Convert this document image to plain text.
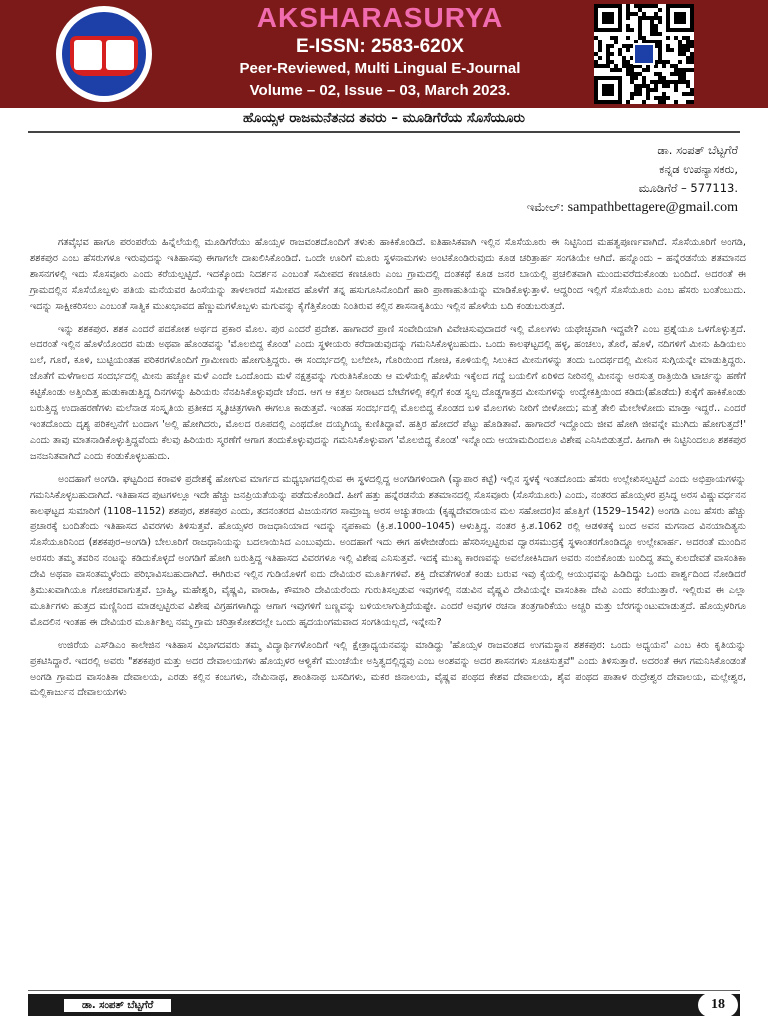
AKSHARASURYA
E-ISSN: 2583-620X
Peer-Reviewed, Multi Lingual E-Journal
Volume – 02, Issue – 03, March 2023.
ಹೊಯ್ಸಳ ರಾಜಮನೆತನದ ತವರು – ಮೂಡಿಗೆರೆಯ ಸೊಸೆಯೂರು
ಡಾ. ಸಂಪತ್ ಬೆಟ್ಟಗೆರೆ
ಕನ್ನಡ ಉಪನ್ಯಾಸಕರು,
ಮೂಡಿಗೆರೆ – 577113.
ಇಮೇಲ್: sampathbettagere@gmail.com

ಗತವೈಭವ ಹಾಗೂ ಪರಂಪರೆಯ ಹಿನ್ನೆಲೆಯಲ್ಲಿ ಮೂಡಿಗೆರೆಯು ಹೊಯ್ಸಳ ರಾಜವಂಶದೊಂದಿಗೆ ತಳುಕು ಹಾಕಿಕೊಂಡಿದೆ. ಐತಿಹಾಸಿಕವಾಗಿ ಇಲ್ಲಿನ ಸೊಸೆಯೂರು ಈ ನಿಟ್ಟಿನಿಂದ ಮಹತ್ವಪೂರ್ಣವಾಗಿದೆ. ಸೊಸೆಯೂರಿಗೆ ಅಂಗಡಿ, ಶಶಕಪುರ ಎಂಬ ಹೆಸರುಗಳೂ ಇರುವುದನ್ನು ಇತಿಹಾಸವು ಈಗಾಗಲೇ ದಾಖಲಿಸಿಕೊಂಡಿದೆ. ಒಂದೇ ಊರಿಗೆ ಮೂರು ಸ್ಥಳನಾಮಗಳು ಅಂಟಿಕೊಂಡಿರುವುದು ಕೂಡ ಚರಿತ್ರಾರ್ಹ ಸಂಗತಿಯೇ ಆಗಿದೆ. ಹನ್ನೊಂದು – ಹನ್ನೆರಡನೆಯ ಶತಮಾನದ ಶಾಸನಗಳಲ್ಲಿ ಇದು ಸೊಸವೂರು ಎಂದು ಕರೆಯಲ್ಪಟ್ಟಿದೆ. ಇದಕ್ಕೊಂದು ನಿದರ್ಶನ ಎಂಬಂತೆ ಸಮೀಪದ ಕಣಚೂರು ಎಂಬ ಗ್ರಾಮದಲ್ಲಿ ದಂತಕಥೆ ಕೂಡ ಜನರ ಬಾಯಲ್ಲಿ ಪ್ರಚಲಿತವಾಗಿ ಮುಂದುವರೆದುಕೊಂಡು ಬಂದಿದೆ. ಅದರಂತೆ ಈ ಗ್ರಾಮದಲ್ಲಿನ ಸೊಸೆಯೊಬ್ಬಳು ಪತಿಯ ಮನೆಯವರ ಹಿಂಸೆಯನ್ನು ತಾಳಲಾರದೆ ಸಮೀಪದ ಹೊಳೆಗೆ ತನ್ನ ಹಸುಗೂಸಿನೊಂದಿಗೆ ಹಾರಿ ಪ್ರಾಣಾಹುತಿಯನ್ನು ಮಾಡಿಕೊಳ್ಳುತ್ತಾಳೆ. ಆದ್ದರಿಂದ ಇಲ್ಲಿಗೆ ಸೊಸೆಯೂರು ಎಂಬ ಹೆಸರು ಬಂತೆಂಬುದು. ಇದನ್ನು ಸಾಕ್ಷೀಕರಿಸಲು ಎಂಬಂತೆ ಸಾತ್ವಿಕ ಮುಖಭಾವದ ಹೆಣ್ಣುಮಗಳೊಬ್ಬಳು ಮಗುವನ್ನು ಕೈಗೆತ್ತಿಕೊಂಡು ನಿಂತಿರುವ ಕಲ್ಲಿನ ಶಾಸನಾಕೃತಿಯು ಇಲ್ಲಿನ ಹೊಳೆಯ ಬದಿ ಕಂಡುಬರುತ್ತದೆ.

ಇನ್ನು ಶಶಕಪುರ. ಶಶಕ ಎಂದರೆ ಪದಕೋಶ ಅರ್ಥದ ಪ್ರಕಾರ ಮೊಲ. ಪುರ ಎಂದರೆ ಪ್ರದೇಶ. ಹಾಗಾದರೆ ಪ್ರಾಣಿ ಸಂವೇದಿಯಾಗಿ ವಿವೇಚಿಸುವುದಾದರೆ ಇಲ್ಲಿ ಮೊಲಗಳು ಯಥೇಚ್ಛವಾಗಿ ಇದ್ದವೇ? ಎಂಬ ಪ್ರಶ್ನೆಯೂ ಒಳಗೊಳ್ಳುತ್ತದೆ. ಅದರಂತೆ ಇಲ್ಲಿನ ಹೊಳೆಯೊಂದರ ಮಡು ಅಥವಾ ಹೊಂಡವನ್ನು 'ಮೊಲಬಿದ್ದ ಕೊಂಡ' ಎಂದು ಸ್ಥಳೀಯರು ಕರೆದಾಡುವುದನ್ನು ಗಮನಿಸಿಕೊಳ್ಳಬಹುದು. ಒಂದು ಕಾಲಘಟ್ಟದಲ್ಲಿ ಹಳ್ಳ, ಹಂಚಲು, ತೊರೆ, ಹೊಳೆ, ನದಿಗಳಿಗೆ ಮೀನು ಹಿಡಿಯಲು ಬಲೆ, ಗೂರೆ, ಕೂಳಿ, ಬುಟ್ಟಿಯಂತಹ ಪರಿಕರಗಳೊಂದಿಗೆ ಗ್ರಾಮೀಣರು ಹೋಗುತ್ತಿದ್ದರು. ಈ ಸಂದರ್ಭದಲ್ಲಿ ಬಲೆಬೀಸಿ, ಗೊರಿಯಿಂದ ಗೋಚಿ, ಕೂಳಿಯಲ್ಲಿ ಸಿಲುಕಿದ ಮೀನುಗಳನ್ನು ತಂದು ಒಂದರ್ಥದಲ್ಲಿ ಮೀನಿನ ಸುಗ್ಗಿಯನ್ನೇ ಮಾಡುತ್ತಿದ್ದರು. ಜೊತೆಗೆ ಮಳೆಗಾಲದ ಸಂದರ್ಭದಲ್ಲಿ ಮೀನು ಹಚ್ಚೋ ಮಳೆ ಎಂದೇ ಒಂದೊಂದು ಮಳೆ ನಕ್ಷತ್ರವನ್ನು ಗುರುತಿಸಿಕೊಂಡು ಆ ಮಳೆಯಲ್ಲಿ ಹೊಳೆಯ ಇಕ್ಕೆಲದ ಗದ್ದೆ ಬಯಲಿಗೆ ಏರಿಳಿದ ನೀರಿನಲ್ಲಿ ಮೀನನ್ನು ಅರಸುತ್ತ ರಾತ್ರಿಯಿಡಿ ಟಾರ್ಚನ್ನು ಹಣೆಗೆ ಕಟ್ಟಿಕೊಂಡು ಅತ್ತಿಂದಿತ್ತ ಹುಡುಕಾಡುತ್ತಿದ್ದ ದಿನಗಳನ್ನು ಹಿರಿಯರು ನೆನಪಿಸಿಕೊಳ್ಳುವುದೇ ಚೆಂದ. ಆಗ ಆ ಕತ್ತಲ ನೀರಾಟದ ಬೇಟೆಗಳಲ್ಲಿ ಕಲ್ಲಿಗೆ ಕಂಡ ಸ್ವಲ್ಪ ದೊಡ್ಡಗಾತ್ರದ ಮೀನುಗಳನ್ನು ಉದ್ವೇಕತ್ತಿಯಿಂದ ಕಡಿದು(ಹೊಡೆದು) ಕುಕ್ಕೆಗೆ ಹಾಕಿಕೊಂಡು ಬರುತ್ತಿದ್ದ ಉದಾಹರಣೆಗಳು ಮಲೆನಾಡ ಸಂಸ್ಕೃತಿಯ ಪ್ರತೀಕದ ಸ್ಮೃತಿಚಿತ್ರಗಳಾಗಿ ಈಗಲೂ ಕಾಡುತ್ತವೆ. ಇಂತಹ ಸಂದರ್ಭದಲ್ಲಿ ಮೊಲಬಿದ್ದ ಕೊಂಡದ ಬಳಿ ಮೊಲಗಳು ನೀರಿಗೆ ಬೀಳೋದು; ಮತ್ತೆ ತೇಲಿ ಮೇಲೇಳೋದು ಮಾಡ್ತಾ ಇದ್ದರೆ.. ಎಂದರೆ ಇಂತದೊಂದು ದೃಶ್ಯ ಪರಿಕಲ್ಪನೆಗೆ ಬಂದಾಗ 'ಅಲ್ಲಿ ಹೋಗಿದರು, ಮೊಲದ ರೂಪದಲ್ಲಿ ಎಂಥದೋ ದಯ್ಯಗಿಯ್ಯ ಕುಣಿತಿದ್ದಾವೆ. ಹತ್ತಿರ ಹೋದರೆ ಪೆಟ್ಟು ಹೊಡಿತಾವೆ. ಹಾಗಾದರೆ ಇದ್ದೊಂದು ಜೀವ ಹೋಗಿ ಜೀವನ್ನೇ ಮುಗಿದು ಹೋಗುತ್ತದೆ!' ಎಂದು ತಾವು ಮಾತನಾಡಿಕೊಳ್ಳುತ್ತಿದ್ದವೆಂದು ಕೆಲವು ಹಿರಿಯರು ಸ್ಮರಣೆಗೆ ಆಗಾಗ ತಂದುಕೊಳ್ಳುವುದನ್ನು ಗಮನಿಸಿಕೊಳ್ಳುವಾಗ 'ಮೊಲಬಿದ್ದ ಕೊಂಡ' ಇನ್ನೊಂದು ಆಯಾಮದಿಂದಲೂ ವಿಶೇಷ ಎನಿಸಿಬಿಡುತ್ತದೆ. ಹೀಗಾಗಿ ಈ ನಿಟ್ಟಿನಿಂದಲೂ ಶಶಕಪುರ ಜನಜನಿತವಾಗಿದೆ ಎಂದು ಕಂಡುಕೊಳ್ಳಬಹುದು.

ಅಂದಹಾಗೆ ಅಂಗಡಿ. ಘಟ್ಟದಿಂದ ಕರಾವಳಿ ಪ್ರದೇಶಕ್ಕೆ ಹೋಗುವ ಮಾರ್ಗದ ಮಧ್ಯಭಾಗದಲ್ಲಿರುವ ಈ ಸ್ಥಳದಲ್ಲಿದ್ದ ಅಂಗಡಿಗಳಿಂದಾಗಿ (ವ್ಯಾಪಾರ ಕಟ್ಟೆ) ಇಲ್ಲಿನ ಸ್ಥಳಕ್ಕೆ ಇಂತದೊಂದು ಹೆಸರು ಉಲ್ಲೇಖಿಸಲ್ಪಟ್ಟಿದೆ ಎಂದು ಅಭಿಪ್ರಾಯಗಳನ್ನು ಗಮನಿಸಿಕೊಳ್ಳಬಹುದಾಗಿದೆ. ಇತಿಹಾಸದ ಪುಟಗಳಲ್ಲೂ ಇದೇ ಹೆಚ್ಚು ಜನಪ್ರಿಯತೆಯನ್ನು ಪಡೆದುಕೊಂಡಿದೆ. ಹೀಗೆ ಹತ್ತು ಹನ್ನೆರಡನೆಯ ಶತಮಾನದಲ್ಲಿ ಸೊಸವೂರು (ಸೊಸೆಯೂರು) ಎಂದು, ನಂತರದ ಹೊಯ್ಸಳರ ಪ್ರಸಿದ್ಧ ಅರಸ ವಿಷ್ಣುವರ್ಧನನ ಕಾಲಘಟ್ಟದ ಸುಮಾರಿಗೆ (1108–1152) ಶಶಪುರ, ಶಶಕಪುರ ಎಂದು, ತದನಂತರದ ವಿಜಯನಗರ ಸಾಮ್ರಾಜ್ಯ ಅರಸ ಅಚ್ಯುತರಾಯ (ಕೃಷ್ಣದೇವರಾಯನ ಮಲ ಸಹೋದರ)ನ ಹೊತ್ತಿಗೆ (1529–1542) ಅಂಗಡಿ ಎಂಬ ಹೆಸರು ಹೆಚ್ಚು ಪ್ರಚಾರಕ್ಕೆ ಬಂದಿತೆಂದು ಇತಿಹಾಸದ ವಿವರಗಳು ತಿಳಿಸುತ್ತವೆ. ಹೊಯ್ಸಳರ ರಾಜಧಾನಿಯಾದ ಇದನ್ನು ನೃಪಕಾಮ (ಕ್ರಿ.ಶ.1000–1045) ಆಳುತ್ತಿದ್ದ. ನಂತರ ಕ್ರಿ.ಶ.1062 ರಲ್ಲಿ ಆಡಳಿತಕ್ಕೆ ಬಂದ ಅವನ ಮಗನಾದ ವಿನಯಾದಿತ್ಯನು ಸೊಸೆಯೂರಿನಿಂದ (ಶಶಕಪುರ–ಅಂಗಡಿ) ಬೇಲೂರಿಗೆ ರಾಜಧಾನಿಯನ್ನು ಬದಲಾಯಿಸಿದ ಎಂಬುವುದು. ಅಂದಹಾಗೆ ಇದು ಈಗ ಹಳೇಬೀಡೆಂದು ಹೆಸರಿಸಲ್ಪಟ್ಟಿರುವ ದ್ವಾರಸಮುದ್ರಕ್ಕೆ ಸ್ಥಳಾಂತರಗೊಂಡಿದ್ದೂ ಉಲ್ಲೇಖಾರ್ಹ. ಅದರಂತೆ ಮುಂದಿನ ಅರಸರು ತಮ್ಮ ತವರಿನ ನಂಟನ್ನು ಕಡಿದುಕೊಳ್ಳದೆ ಅಂಗಡಿಗೆ ಹೋಗಿ ಬರುತ್ತಿದ್ದ ಇತಿಹಾಸದ ವಿವರಗಳೂ ಇಲ್ಲಿ ವಿಶೇಷ ಎನಿಸುತ್ತವೆ. ಇದಕ್ಕೆ ಮುಖ್ಯ ಕಾರಣವನ್ನು ಅವಲೋಕಿಸಿದಾಗ ಅವರು ನಂಬಿಕೊಂಡು ಬಂದಿದ್ದ ತಮ್ಮ ಕುಲದೇವತೆ ವಾಸಂತಿಕಾ ದೇವಿ ಅಥವಾ ವಾಸಂತಮ್ಮಳೆಂದು ಪರಿಭಾವಿಸಬಹುದಾಗಿದೆ. ಈಗಿರುವ ಇಲ್ಲಿನ ಗುಡಿಯೊಳಗೆ ಐದು ದೇವಿಯರ ಮೂರ್ತಿಗಳಿವೆ. ಶಕ್ತಿ ದೇವತೆಗಳಂತೆ ಕಂಡು ಬರುವ ಇವು ಕೈಯಲ್ಲಿ ಆಯುಧವನ್ನು ಹಿಡಿದಿದ್ದು ಒಂದು ಪಾರ್ಶ್ವದಿಂದ ನೋಡಿದರೆ ತ್ರಿಮುಖವಾಗಿಯೂ ಗೋಚರವಾಗುತ್ತವೆ. ಬ್ರಾಹ್ಮಿ, ಮಹೇಶ್ವರಿ, ವೈಷ್ಣವಿ, ವಾರಾಹಿ, ಕೌಮಾರಿ ದೇವಿಯರೆಂದು ಗುರುತಿಸಲ್ಪಡುವ ಇವುಗಳಲ್ಲಿ ನಡುವಿನ ವೈಷ್ಣವಿ ದೇವಿಯನ್ನೇ ವಾಸಂತಿಕಾ ದೇವಿ ಎಂದು ಕರೆಯುತ್ತಾರೆ. ಇಲ್ಲಿರುವ ಈ ಎಲ್ಲಾ ಮೂರ್ತಿಗಳು ಹುತ್ತದ ಮಣ್ಣಿನಿಂದ ಮಾಡಲ್ಪಟ್ಟಿರುವ ವಿಶೇಷ ವಿಗ್ರಹಗಳಾಗಿದ್ದು ಆಗಾಗ ಇವುಗಳಿಗೆ ಬಣ್ಣವನ್ನು ಬಳಿಯಲಾಗುತ್ತಿದೆಯಷ್ಟೇ. ಎಂದರೆ ಅವುಗಳ ರಚನಾ ತಂತ್ರಗಾರಿಕೆಯು ಅಚ್ಚರಿ ಮತ್ತು ಬೆರಗನ್ನುಂಟುಮಾಡುತ್ತದೆ. ಹೊಯ್ಸಳರಿಗೂ ಮೊದಲಿನ ಇಂತಹ ಈ ದೇವಿಯರ ಮೂರ್ತಿಶಿಲ್ಪ ನಮ್ಮ ಗ್ರಾಮ ಚರಿತ್ರಾಕೋಶದಲ್ಲೇ ಒಂದು ಹೃದಯಂಗಮವಾದ ಸಂಗತಿಯಲ್ಲದೆ, ಇನ್ನೇನು?

ಉಜಿರೆಯ ಎಸ್‌ಡಿಎಂ ಕಾಲೇಜಿನ ಇತಿಹಾಸ ವಿಭಾಗದವರು ತಮ್ಮ ವಿದ್ಯಾರ್ಥಿಗಳೊಂದಿಗೆ ಇಲ್ಲಿ ಕ್ಷೇತ್ರಾಧ್ಯಯನವನ್ನು ಮಾಡಿದ್ದು 'ಹೊಯ್ಸಳ ರಾಜವಂಶದ ಉಗಮಸ್ಥಾನ ಶಶಕಪುರ: ಒಂದು ಅಧ್ಯಯನ' ಎಂಬ ಕಿರು ಕೃತಿಯನ್ನು ಪ್ರಕಟಿಸಿದ್ದಾರೆ. ಇದರಲ್ಲಿ ಅವರು "ಶಶಕಪುರ ಮತ್ತು ಅದರ ದೇವಾಲಯಗಳು ಹೊಯ್ಸಳರ ಆಳ್ವಿಕೆಗೆ ಮುಂಚೆಯೇ ಅಸ್ತಿತ್ವದಲ್ಲಿದ್ದವು ಎಂಬ ಅಂಶವನ್ನು ಅದರ ಶಾಸನಗಳು ಸೂಚಿಸುತ್ತವೆ" ಎಂದು ತಿಳಿಸುತ್ತಾರೆ. ಅದರಂತೆ ಈಗ ಗಮನಿಸಿಕೊಂಡಂತೆ ಅಂಗಡಿ ಗ್ರಾಮದ ವಾಸಂತಿಕಾ ದೇವಾಲಯ, ಎರಡು ಕಲ್ಲಿನ ಕಂಬಗಳು, ನೇಮಿನಾಥ, ಶಾಂತಿನಾಥ ಬಸದಿಗಳು, ಮಕರ ಜಿನಾಲಯ, ವೈಷ್ಣವ ಪಂಥದ ಕೇಶವ ದೇವಾಲಯ, ಶೈವ ಪಂಥದ ಪಾತಾಳ ರುದ್ರೇಶ್ವರ ದೇವಾಲಯ, ಮಲ್ಲೇಶ್ವರ, ಮಲ್ಲಿಕಾರ್ಜುನ ದೇವಾಲಯಗಳು

ಡಾ. ಸಂಪತ್ ಬೆಟ್ಟಗೆರೆ	18
